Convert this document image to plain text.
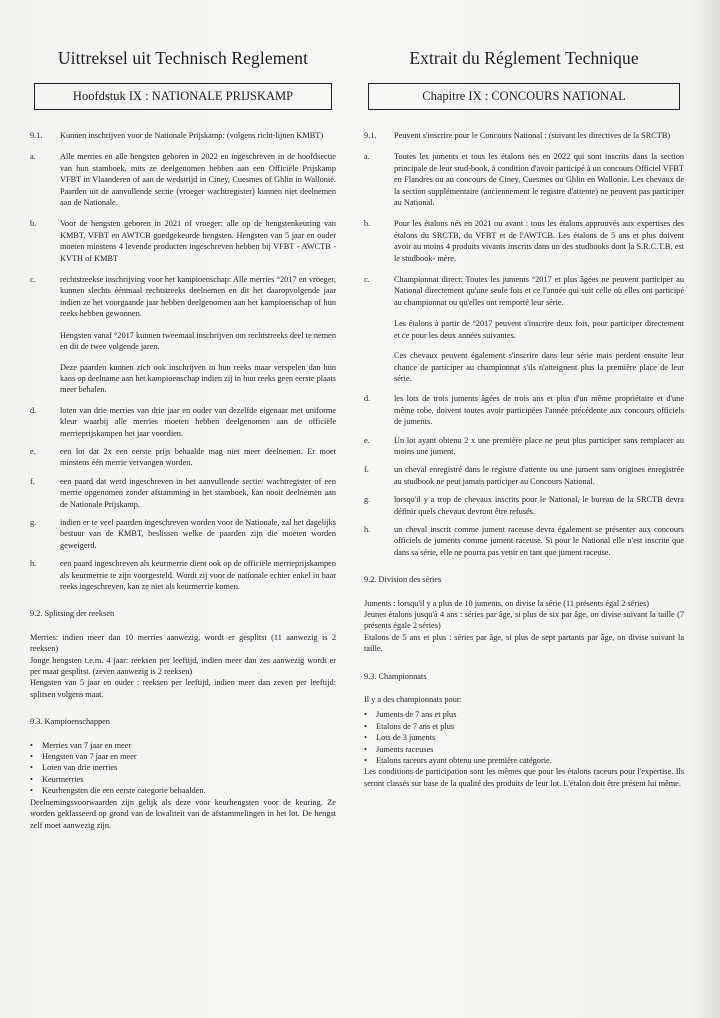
Uittreksel uit Technisch Reglement
Hoofdstuk IX : NATIONALE PRIJSKAMP
9.1.	Kunnen inschrijven voor de Nationale Prijskamp: (volgens richt-lijnen KMBT)
a.	Alle merries en alle hengsten geboren in 2022 en ingeschreven in de hoofdsectie van hun stamboek, mits ze deelgenomen hebben aan een Officiële Prijskamp VFBT in Vlaanderen of aan de wedstrijd in Ciney, Cuesmes of Ghlin in Wallonië. Paarden uit de aanvullende sectie (vroeger wachtregister) kunnen niet deelnemen aan de Nationale.
b.	Voor de hengsten geboren in 2021 of vroeger: alle op de hengstenkeuring van KMBT, VFBT en AWTCB goedgekeurde hengsten. Hengsten van 5 jaar en ouder moeten minstens 4 levende producten ingeschreven hebben bij VFBT - AWCTB - KVTH of KMBT
c.	rechtstreekse inschrijving voor het kampioenschap: Alle merries °2017 en vroeger, kunnen slechts éénmaal rechtstreeks deelnemen en dit het daaropvolgende jaar indien ze het voorgaande jaar hebben deelgenomen aan het kampioenschap of hun reeks hebben gewonnen.
Hengsten vanaf °2017 kunnen tweemaal inschrijven om rechtstreeks deel te nemen en dit de twee volgende jaren.
Deze paarden kunnen zich ook inschrijven in hun reeks maar verspelen dan hun kans op deelname aan het kampioenschap indien zij in hun reeks geen eerste plaats meer behalen.
d.	loten van drie merries van drie jaar en ouder van dezelfde eigenaar met uniforme kleur waarbij alle merries moeten hebben deelgenomen aan de officiële merrieprijskampen het jaar voordien.
e.	een lot dat 2x een eerste prijs behaalde mag niet meer deelnemen. Er moet minstens één merrie vervangen worden.
f.	een paard dat werd ingeschreven in het aanvullende sectie/ wachtregister of een merrie opgenomen zonder afstamming in het stamboek, kan nooit deelnemen aan de Nationale Prijskamp.
g.	indien er te veel paarden ingeschreven worden voor de Nationale, zal het dagelijks bestuur van de KMBT, beslissen welke de paarden zijn die moeten worden geweigerd.
h.	een paard ingeschreven als keurmerrie dient ook op de officiële merrieprijskampen als keurmerrie te zijn voorgesteld. Wordt zij voor de nationale echter enkel in haar reeks ingeschreven, kan ze niet als keurmerrie komen.
9.2. Splitsing der reeksen

Merries: indien meer dan 10 merries aanwezig, wordt er gesplitst (11 aanwezig is 2 reeksen)

Jonge hengsten t.e.m. 4 jaar: reeksen per leeftijd, indien meer dan zes aanwezig wordt er per maat gesplitst. (zeven aanwezig is 2 reeksen)

Hengsten van 5 jaar en ouder : reeksen per leeftijd, indien meer dan zeven per leeftijd: splitsen volgens maat.

9.3. Kampioenschappen
• Merries van 7 jaar en meer
• Hengsten van 7 jaar en meer
• Loten van drie merries
• Keurmerries
• Keurhengsten die een eerste categorie behaalden.

Deelnemingsvoorwaarden zijn gelijk als deze voor keurhengsten voor de keuring. Ze worden geklasseerd op grond van de kwaliteit van de afstammelingen in het lot. De hengst zelf moet aanwezig zijn.

Extrait du Réglement Technique
Chapitre IX : CONCOURS NATIONAL
9.1.	Peuvent s'inscrire pour le Concours National : (suivant les directives de la SRCTB)
a.	Toutes les juments et tous les étalons nés en 2022 qui sont inscrits dans la section principale de leur stud-book, à condition d'avoir participé à un concours Officiel VFBT en Flandres ou au concours de Ciney, Cuesmes ou Ghlin en Wallonie. Les chevaux de la section supplémentaire (anciennement le registre d'attente) ne peuvent pas participer au National.
b.	Pour les étalons nés en 2021 ou avant : tous les étalons approuvés aux expertises des étalons du SRCTB, du VFBT et de l'AWTCB. Les étalons de 5 ans et plus doivent avoir au moins 4 produits vivants inscrits dans un des studbooks dont la S.R.C.T.B. est le studbook- mère.
c.	Championnat direct: Toutes les juments °2017 et plus âgées ne peuvent participer au National directement qu'une seule fois et ce l'année qui suit celle où elles ont participé au championnat ou qu'elles ont remporté leur série.
Les étalons à partir de °2017 peuvent s'inscrire deux fois, pour participer directement et ce pour les deux années suivantes.
Ces chevaux peuvent également s'inscrire dans leur série mais perdent ensuite leur chance de participer au championnat s'ils n'atteignent plus la première place de leur série.
d.	les lots de trois juments âgées de trois ans et plus d'un même propriétaire et d'une même robe, doivent toutes avoir participées l'année précédente aux concours officiels de juments.
e.	Un lot ayant obtenu 2 x une première place ne peut plus participer sans remplacer au moins une jument.
f.	un cheval enregistré dans le registre d'attente ou une jument sans origines enregistrée au studbook ne peut jamais participer au Concours National.
g.	lorsqu'il y a trop de chevaux inscrits pour le National, le bureau de la SRCTB devra définir quels chevaux devront être refusés.
h.	un cheval inscrit comme jument raceuse devra également se présenter aux concours officiels de juments comme jument raceuse. Si pour le National elle n'est inscrite que dans sa série, elle ne pourra pas venir en tant que jument raceuse.
9.2. Division des séries

Juments : lorsqu'il y a plus de 10 juments, on divise la série (11 présents égal 2 séries)

Jeunes étalons jusqu'à 4 ans : séries par âge, si plus de six par âge, on divise suivant la taille (7 présents égale 2 séries)

Etalons de 5 ans et plus : séries par âge, si plus de sept partants par âge, on divise suivant la taille.

9.3. Championnats

Il y a des championnats pour:

• Juments de 7 ans et plus
• Etalons de 7 ans et plus
• Lots de 3 juments
• Juments raceuses
• Etalons raceurs ayant obtenu une première catégorie.

Les conditions de participation sont les mêmes que pour les étalons raceurs pour l'expertise. Ils seront classés sur base de la qualité des produits de leur lot. L'étalon doit être présent lui même.
